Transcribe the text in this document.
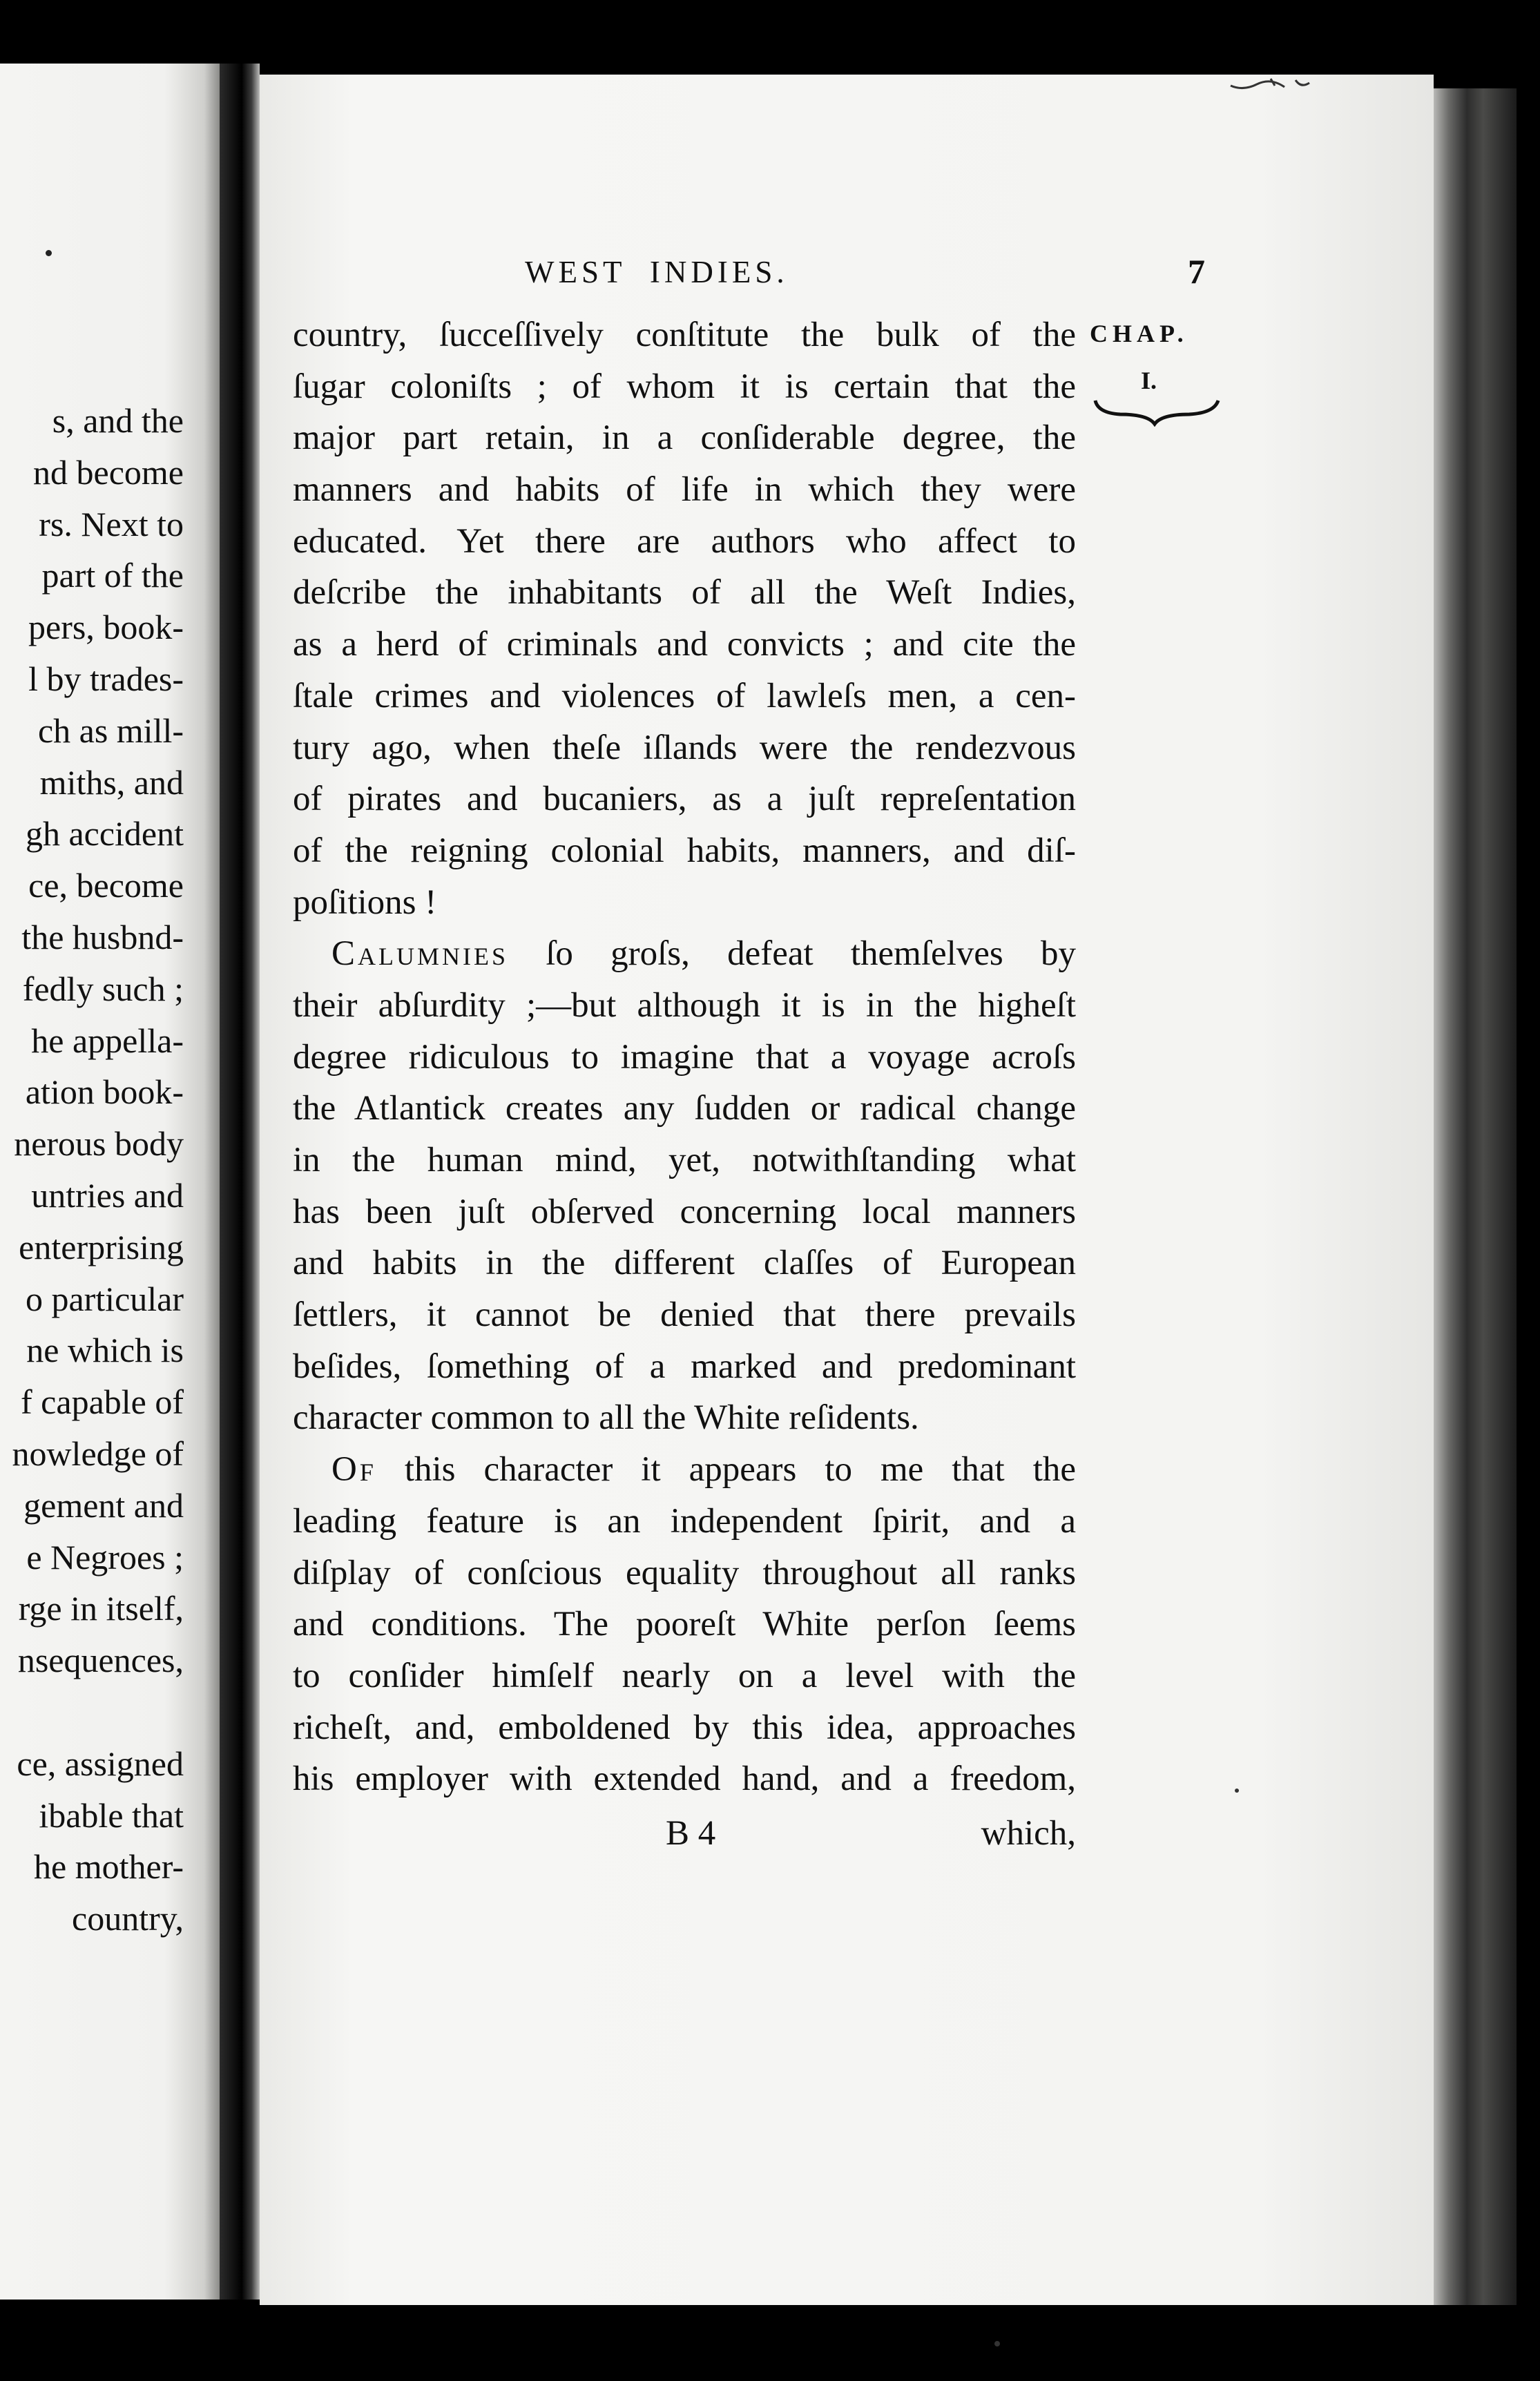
s, and the
nd become
rs. Next to
part of the
pers, book-
l by trades-
ch as mill-
miths, and
gh accident
ce, become
the husbnd-
fedly such ;
he appella-
ation book-
nerous body
untries and
enterprising
o particular
ne which is
f capable of
nowledge of
gement and
e Negroes ;
rge in itself,
nsequences,
ce, assigned
ibable that
he mother-
country,
WEST INDIES.	7
CHAP.
I.
country, ſucceſſively conſtitute the bulk of the
ſugar coloniſts ; of whom it is certain that the
major part retain, in a conſiderable degree, the
manners and habits of life in which they were
educated. Yet there are authors who affect to
deſcribe the inhabitants of all the Weſt Indies,
as a herd of criminals and convicts ; and cite the
ſtale crimes and violences of lawleſs men, a cen-
tury ago, when theſe iſlands were the rendezvous
of pirates and bucaniers, as a juſt repreſentation
of the reigning colonial habits, manners, and diſ-
poſitions !
Calumnies ſo groſs, defeat themſelves by
their abſurdity ;—but although it is in the higheſt
degree ridiculous to imagine that a voyage acroſs
the Atlantick creates any ſudden or radical change
in the human mind, yet, notwithſtanding what
has been juſt obſerved concerning local manners
and habits in the different claſſes of European
ſettlers, it cannot be denied that there prevails
beſides, ſomething of a marked and predominant
character common to all the White reſidents.
Of this character it appears to me that the
leading feature is an independent ſpirit, and a
diſplay of conſcious equality throughout all ranks
and conditions. The pooreſt White perſon ſeems
to conſider himſelf nearly on a level with the
richeſt, and, emboldened by this idea, approaches
his employer with extended hand, and a freedom,
B 4	which,
